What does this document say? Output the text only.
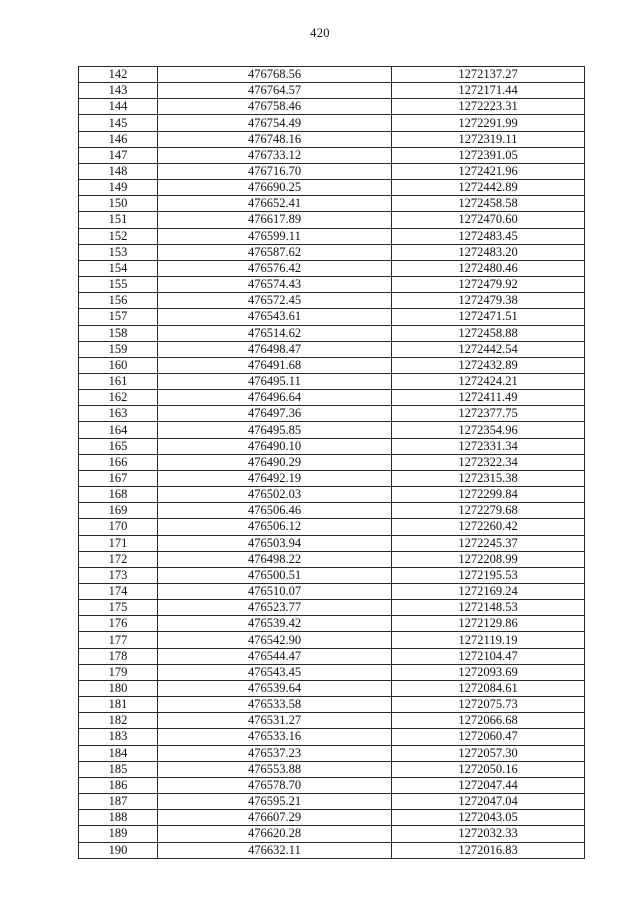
420
142	476768.56	1272137.27
143	476764.57	1272171.44
144	476758.46	1272223.31
145	476754.49	1272291.99
146	476748.16	1272319.11
147	476733.12	1272391.05
148	476716.70	1272421.96
149	476690.25	1272442.89
150	476652.41	1272458.58
151	476617.89	1272470.60
152	476599.11	1272483.45
153	476587.62	1272483.20
154	476576.42	1272480.46
155	476574.43	1272479.92
156	476572.45	1272479.38
157	476543.61	1272471.51
158	476514.62	1272458.88
159	476498.47	1272442.54
160	476491.68	1272432.89
161	476495.11	1272424.21
162	476496.64	1272411.49
163	476497.36	1272377.75
164	476495.85	1272354.96
165	476490.10	1272331.34
166	476490.29	1272322.34
167	476492.19	1272315.38
168	476502.03	1272299.84
169	476506.46	1272279.68
170	476506.12	1272260.42
171	476503.94	1272245.37
172	476498.22	1272208.99
173	476500.51	1272195.53
174	476510.07	1272169.24
175	476523.77	1272148.53
176	476539.42	1272129.86
177	476542.90	1272119.19
178	476544.47	1272104.47
179	476543.45	1272093.69
180	476539.64	1272084.61
181	476533.58	1272075.73
182	476531.27	1272066.68
183	476533.16	1272060.47
184	476537.23	1272057.30
185	476553.88	1272050.16
186	476578.70	1272047.44
187	476595.21	1272047.04
188	476607.29	1272043.05
189	476620.28	1272032.33
190	476632.11	1272016.83
